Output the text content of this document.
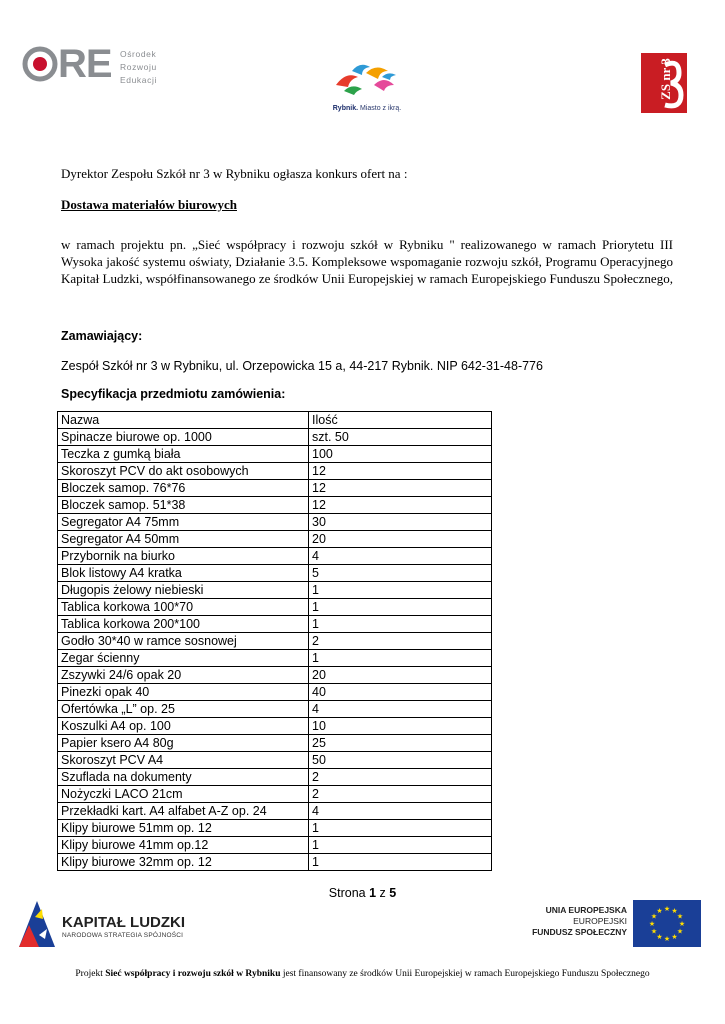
RE Ośrodek
Rozwoju
Edukacji
Rybnik. Miasto z ikrą.
ZS nr 3
Dyrektor Zespołu Szkół nr 3 w Rybniku ogłasza konkurs ofert na :
Dostawa materiałów biurowych
w ramach projektu pn. „Sieć współpracy i rozwoju szkół w Rybniku " realizowanego w ramach Priorytetu III Wysoka jakość systemu oświaty, Działanie 3.5. Kompleksowe wspomaganie rozwoju szkół, Programu Operacyjnego Kapitał Ludzki, współfinansowanego ze środków Unii Europejskiej w ramach Europejskiego Funduszu Społecznego,
Zamawiający:
Zespół Szkół nr 3 w Rybniku, ul. Orzepowicka 15 a, 44-217 Rybnik. NIP 642-31-48-776
Specyfikacja przedmiotu zamówienia:
Nazwa	Ilość
Spinacze biurowe op. 1000	szt. 50
Teczka z gumką biała	100
Skoroszyt PCV do akt osobowych	12
Bloczek samop. 76*76	12
Bloczek samop. 51*38	12
Segregator A4 75mm	30
Segregator A4 50mm	20
Przybornik na biurko	4
Blok listowy A4 kratka	5
Długopis żelowy niebieski	1
Tablica korkowa 100*70	1
Tablica korkowa 200*100	1
Godło 30*40 w ramce sosnowej	2
Zegar ścienny	1
Zszywki 24/6 opak 20	20
Pinezki opak 40	40
Ofertówka „L” op. 25	4
Koszulki A4 op. 100	10
Papier ksero A4 80g	25
Skoroszyt PCV A4	50
Szuflada na dokumenty	2
Nożyczki LACO 21cm	2
Przekładki kart. A4 alfabet A-Z op. 24	4
Klipy biurowe 51mm op. 12	1
Klipy biurowe 41mm op.12	1
Klipy biurowe 32mm op. 12	1
Strona 1 z 5
KAPITAŁ LUDZKI
NARODOWA STRATEGIA SPÓJNOŚCI
UNIA EUROPEJSKA
EUROPEJSKI
FUNDUSZ SPOŁECZNY
★
★
★
★
★
★
★
★
★ ★ ★
★
Projekt Sieć współpracy i rozwoju szkół w Rybniku jest finansowany ze środków Unii Europejskiej w ramach Europejskiego Funduszu Społecznego
